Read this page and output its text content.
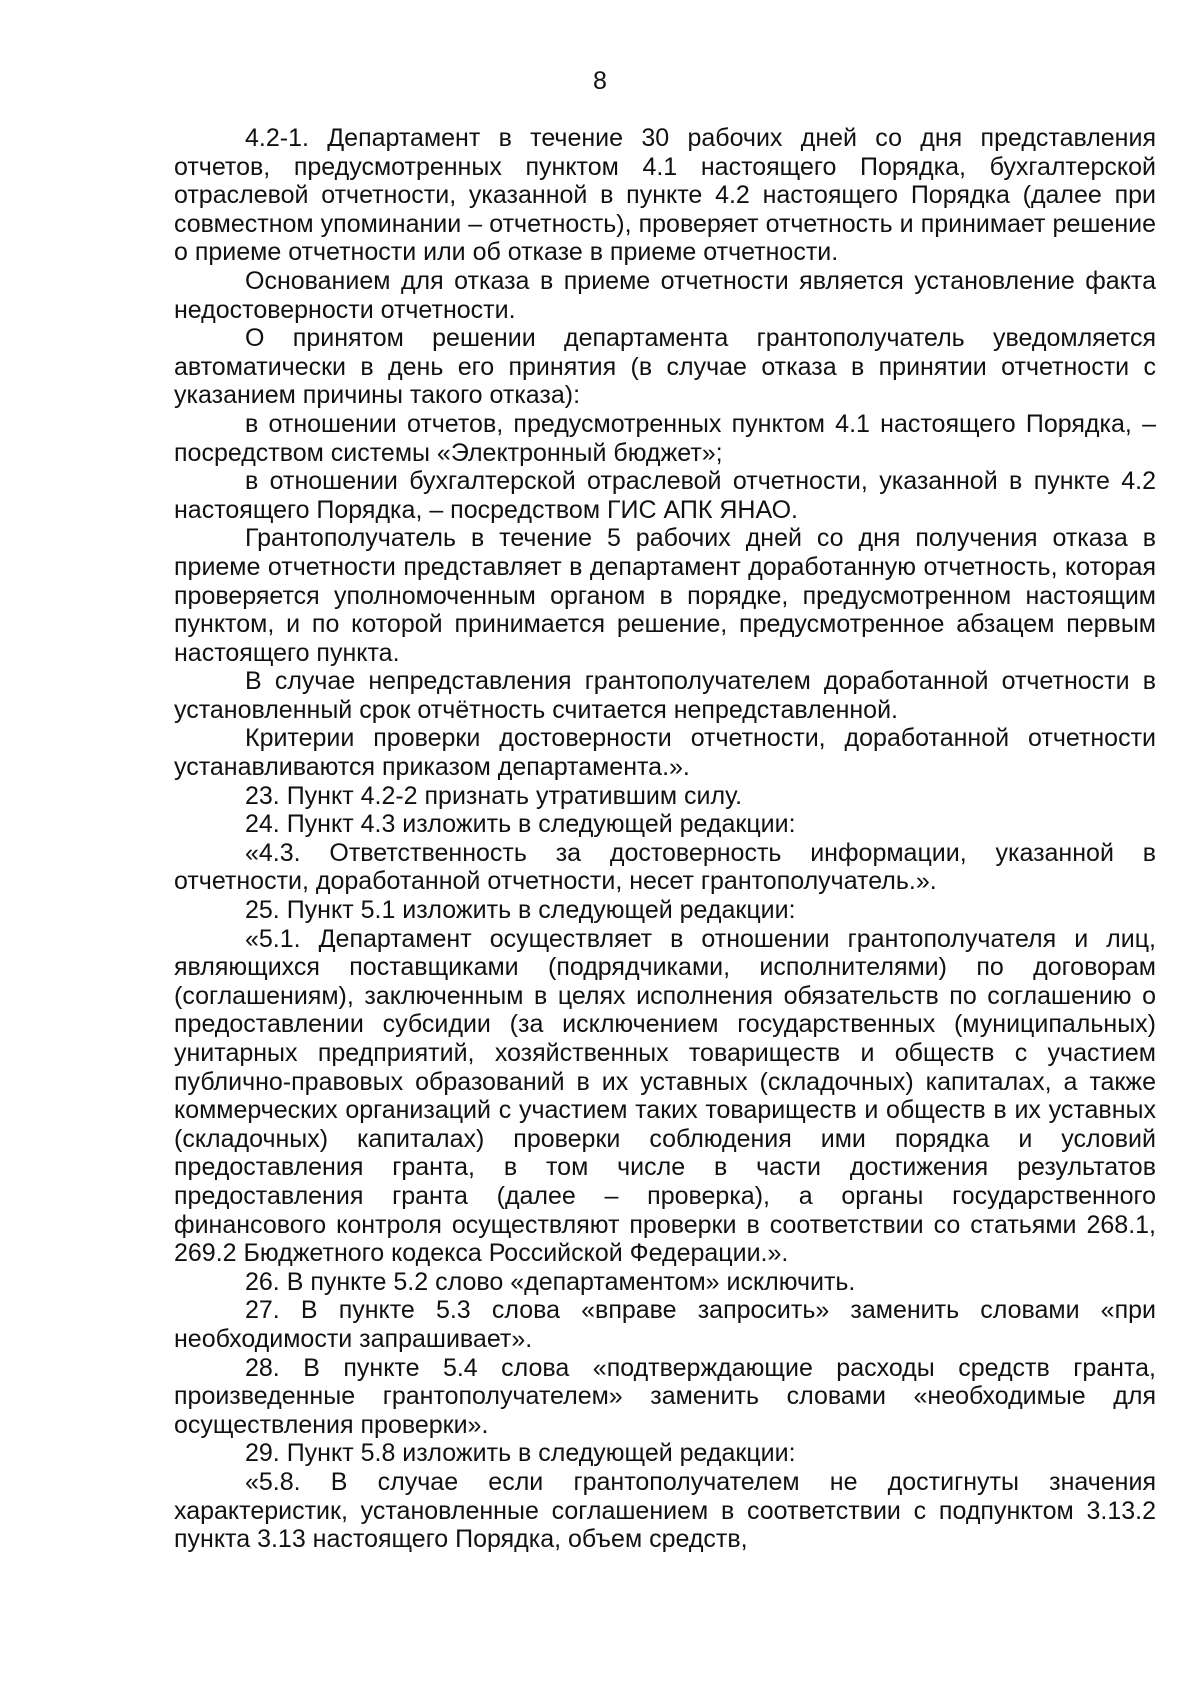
8

4.2-1. Департамент в течение 30 рабочих дней со дня представления отчетов, предусмотренных пунктом 4.1 настоящего Порядка, бухгалтерской отраслевой отчетности, указанной в пункте 4.2 настоящего Порядка (далее при совместном упоминании – отчетность), проверяет отчетность и принимает решение о приеме отчетности или об отказе в приеме отчетности.

Основанием для отказа в приеме отчетности является установление факта недостоверности отчетности.

О принятом решении департамента грантополучатель уведомляется автоматически в день его принятия (в случае отказа в принятии отчетности с указанием причины такого отказа):

в отношении отчетов, предусмотренных пунктом 4.1 настоящего Порядка, – посредством системы «Электронный бюджет»;

в отношении бухгалтерской отраслевой отчетности, указанной в пункте 4.2 настоящего Порядка, – посредством ГИС АПК ЯНАО.

Грантополучатель в течение 5 рабочих дней со дня получения отказа в приеме отчетности представляет в департамент доработанную отчетность, которая проверяется уполномоченным органом в порядке, предусмотренном настоящим пунктом, и по которой принимается решение, предусмотренное абзацем первым настоящего пункта.

В случае непредставления грантополучателем доработанной отчетности в установленный срок отчётность считается непредставленной.

Критерии проверки достоверности отчетности, доработанной отчетности устанавливаются приказом департамента.».

23. Пункт 4.2-2 признать утратившим силу.

24. Пункт 4.3 изложить в следующей редакции:

«4.3. Ответственность за достоверность информации, указанной в отчетности, доработанной отчетности, несет грантополучатель.».

25. Пункт 5.1 изложить в следующей редакции:

«5.1. Департамент осуществляет в отношении грантополучателя и лиц, являющихся поставщиками (подрядчиками, исполнителями) по договорам (соглашениям), заключенным в целях исполнения обязательств по соглашению о предоставлении субсидии (за исключением государственных (муниципальных) унитарных предприятий, хозяйственных товариществ и обществ с участием публично-правовых образований в их уставных (складочных) капиталах, а также коммерческих организаций с участием таких товариществ и обществ в их уставных (складочных) капиталах) проверки соблюдения ими порядка и условий предоставления гранта, в том числе в части достижения результатов предоставления гранта (далее – проверка), а органы государственного финансового контроля осуществляют проверки в соответствии со статьями 268.1, 269.2 Бюджетного кодекса Российской Федерации.».

26. В пункте 5.2 слово «департаментом» исключить.

27. В пункте 5.3 слова «вправе запросить» заменить словами «при необходимости запрашивает».

28. В пункте 5.4 слова «подтверждающие расходы средств гранта, произведенные грантополучателем» заменить словами «необходимые для осуществления проверки».

29. Пункт 5.8 изложить в следующей редакции:

«5.8. В случае если грантополучателем не достигнуты значения характеристик, установленные соглашением в соответствии с подпунктом 3.13.2 пункта 3.13 настоящего Порядка, объем средств,
